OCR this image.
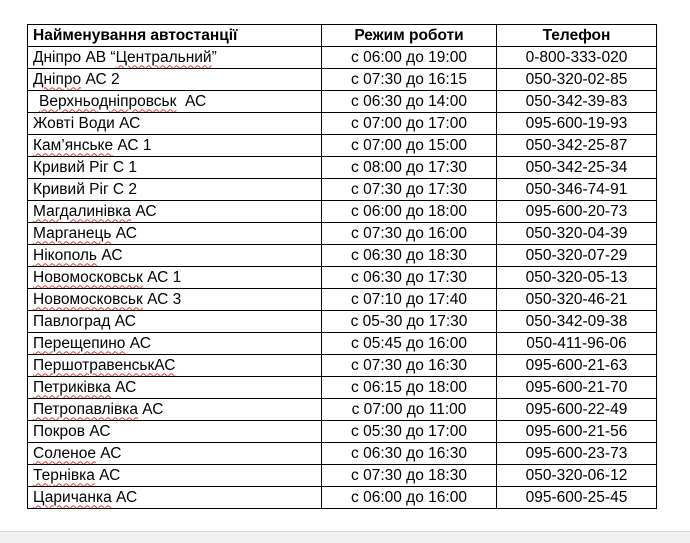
Найменування автостанції	Режим роботи	Телефон
Дніпро АВ “Центральний”	с 06:00 до 19:00	0-800-333-020
Дніпро АС 2	с 07:30 до 16:15	050-320-02-85
Верхньодніпровськ  АС	с 06:30 до 14:00	050-342-39-83
Жовті Води АС	с 07:00 до 17:00	095-600-19-93
Кам’янське АС 1	с 07:00 до 15:00	050-342-25-87
Кривий Ріг С 1	с 08:00 до 17:30	050-342-25-34
Кривий Ріг С 2	с 07:30 до 17:30	050-346-74-91
Магдалинівка АС	с 06:00 до 18:00	095-600-20-73
Марганець АС	с 07:30 до 16:00	050-320-04-39
Нікополь АС	с 06:30 до 18:30	050-320-07-29
Новомосковськ АС 1	с 06:30 до 17:30	050-320-05-13
Новомосковськ АС 3	с 07:10 до 17:40	050-320-46-21
Павлоград АС	с 05-30 до 17:30	050-342-09-38
Перещепино АС	с 05:45 до 16:00	050-411-96-06
ПершотравенськАС	с 07:30 до 16:30	095-600-21-63
Петриківка АС	с 06:15 до 18:00	095-600-21-70
Петропавлівка АС	с 07:00 до 11:00	095-600-22-49
Покров АС	с 05:30 до 17:00	095-600-21-56
Соленое АС	с 06:30 до 16:30	095-600-23-73
Тернівка АС	с 07:30 до 18:30	050-320-06-12
Царичанка АС	с 06:00 до 16:00	095-600-25-45
